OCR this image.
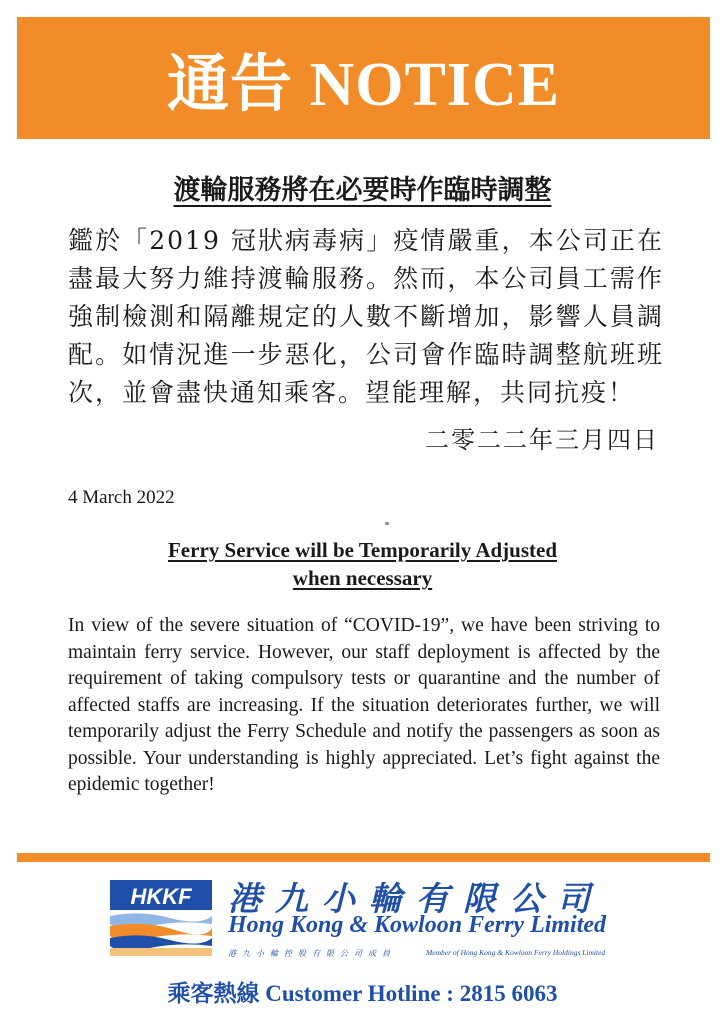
通告 NOTICE
渡輪服務將在必要時作臨時調整
鑑於「2019 冠狀病毒病」疫情嚴重，本公司正在盡最大努力維持渡輪服務。然而，本公司員工需作強制檢測和隔離規定的人數不斷增加，影響人員調配。如情況進一步惡化，公司會作臨時調整航班班次，並會盡快通知乘客。望能理解，共同抗疫！
二零二二年三月四日
4 March 2022
Ferry Service will be Temporarily Adjusted
when necessary
In view of the severe situation of “COVID-19”, we have been striving to maintain ferry service. However, our staff deployment is affected by the requirement of taking compulsory tests or quarantine and the number of affected staffs are increasing. If the situation deteriorates further, we will temporarily adjust the Ferry Schedule and notify the passengers as soon as possible. Your understanding is highly appreciated. Let’s fight against the epidemic together!
HKKF 港九小輪有限公司
Hong Kong & Kowloon Ferry Limited
港九小輪控股有限公司成員	Member of Hong Kong & Kowloon Ferry Holdings Limited
乘客熱線 Customer Hotline : 2815 6063
